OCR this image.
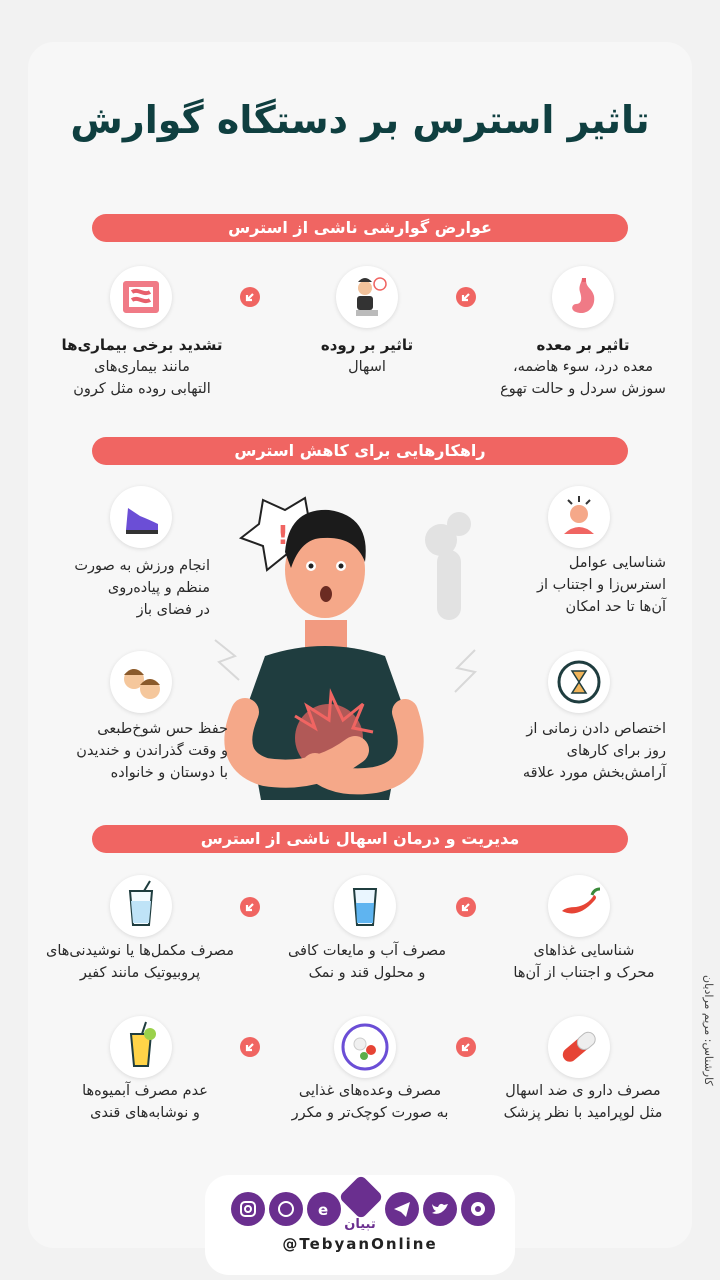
تاثیر استرس بر دستگاه گوارش
عوارض گوارشی ناشی از استرس
تاثیر بر معده
معده درد، سوء هاضمه،
سوزش سردل و حالت تهوع
تاثیر بر روده
اسهال
تشدید برخی بیماری‌ها
مانند بیماری‌های
التهابی روده مثل کرون
راهکارهایی برای کاهش استرس
!
شناسایی عوامل
استرس‌زا و اجتناب از
آن‌ها تا حد امکان
اختصاص دادن زمانی از
روز برای کارهای
آرامش‌بخش مورد علاقه
انجام ورزش به صورت
منظم و پیاده‌روی
در فضای باز
حفظ حس شوخ‌طبعی
و وقت گذراندن و خندیدن
با دوستان و خانواده
مدیریت و درمان اسهال ناشی از استرس
شناسایی غذاهای
محرک و اجتناب از آن‌ها
مصرف آب و مایعات کافی
و محلول قند و نمک
مصرف مکمل‌ها یا نوشیدنی‌های
پروبیوتیک مانند کفیر
مصرف دارو ی ضد اسهال
مثل لوپرامید با نظر پزشک
مصرف وعده‌های غذایی
به صورت کوچک‌تر و مکرر
عدم مصرف آبمیوه‌ها
و نوشابه‌های قندی
کارشناس: مریم مرادیان
e
تبیان
@TebyanOnline
